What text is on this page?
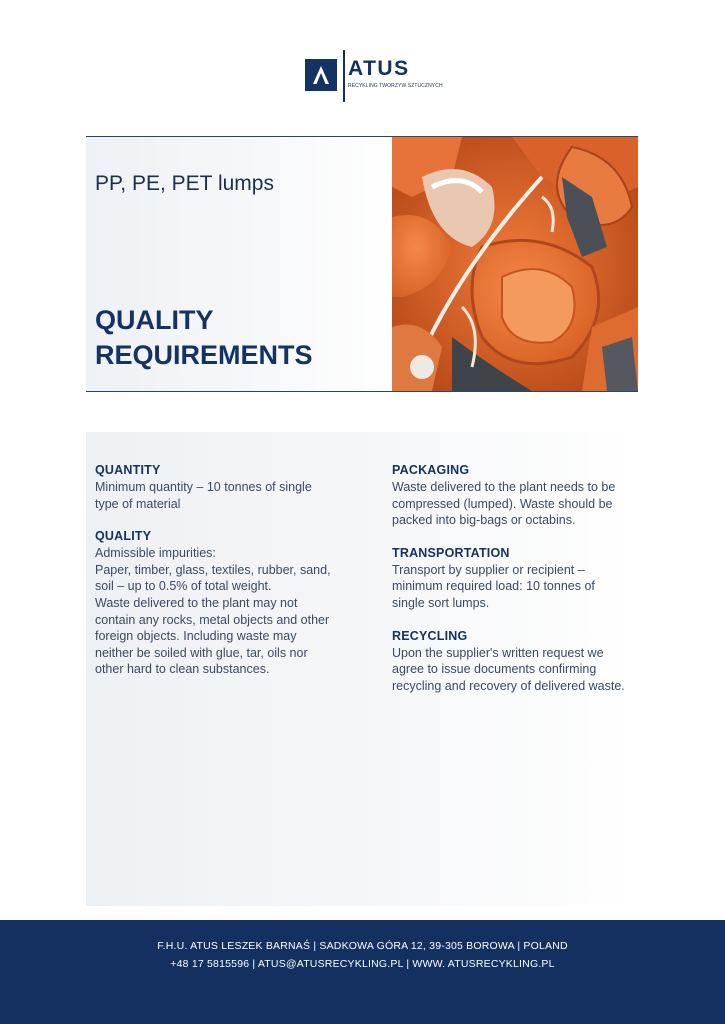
ATUS
RECYKLING TWORZYW SZTUCZNYCH
PP, PE, PET lumps
QUALITY
REQUIREMENTS
QUANTITY
Minimum quantity – 10 tonnes of single
type of material
QUALITY
Admissible impurities:
Paper, timber, glass, textiles, rubber, sand,
soil – up to 0.5% of total weight.
Waste delivered to the plant may not
contain any rocks, metal objects and other
foreign objects. Including waste may
neither be soiled with glue, tar, oils nor
other hard to clean substances.
PACKAGING
Waste delivered to the plant needs to be
compressed (lumped). Waste should be
packed into big-bags or octabins.
TRANSPORTATION
Transport by supplier or recipient –
minimum required load: 10 tonnes of
single sort lumps.
RECYCLING
Upon the supplier's written request we
agree to issue documents confirming
recycling and recovery of delivered waste.
F.H.U. ATUS LESZEK BARNAŚ | SADKOWA GÓRA 12, 39-305 BOROWA | POLAND
+48 17 5815596 | ATUS@ATUSRECYKLING.PL | WWW. ATUSRECYKLING.PL
